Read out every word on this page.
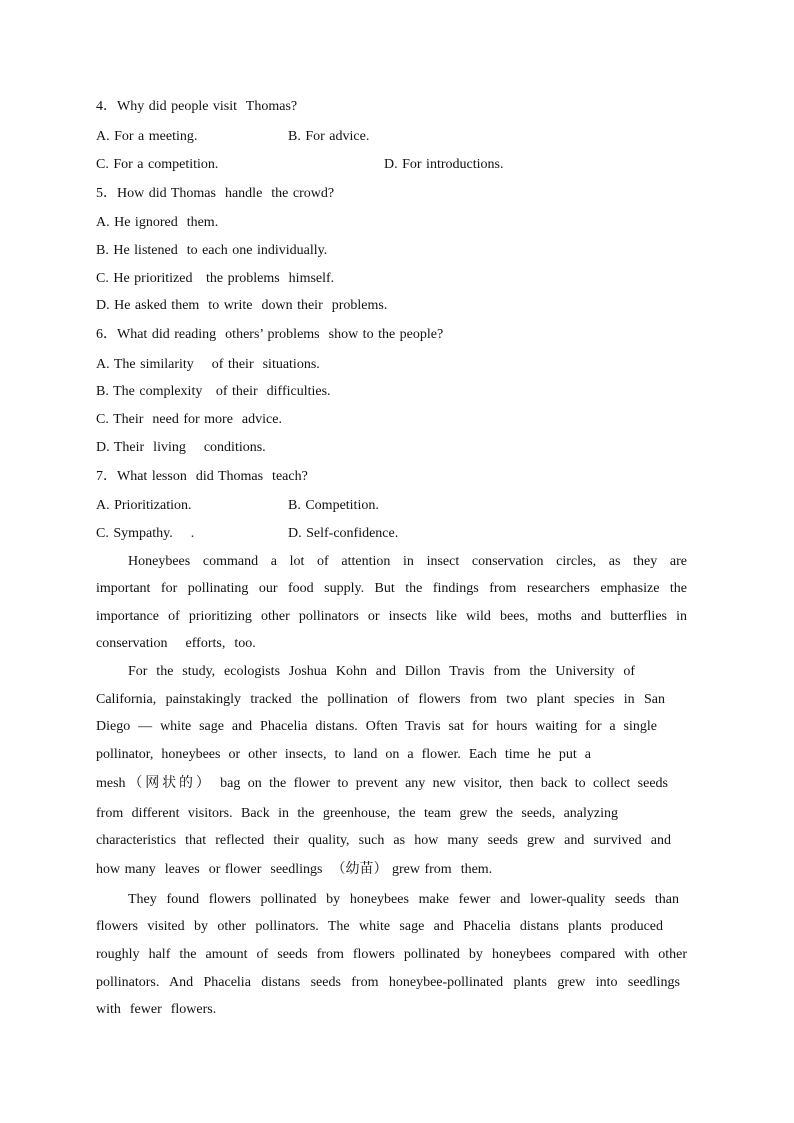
4．Why did people visit  Thomas?
A. For a meeting.	B. For advice.
C. For a competition.	D. For introductions.
5．How did Thomas  handle  the crowd?
A. He ignored  them.
B. He listened  to each one individually.
C. He prioritized   the problems  himself.
D. He asked them  to write  down their  problems.
6．What did reading  others’ problems  show to the people?
A. The similarity    of their  situations.
B. The complexity   of their  difficulties.
C. Their  need for more  advice.
D. Their  living    conditions.
7．What lesson  did Thomas  teach?
A. Prioritization.	B. Competition.
C. Sympathy.    .	D. Self-confidence.
Honeybees command a lot of attention in insect conservation circles, as they are
important for pollinating our food supply. But the findings from researchers emphasize the
importance of prioritizing other pollinators or insects like wild bees, moths and butterflies in
conservation    efforts,  too.
For the study, ecologists Joshua Kohn and Dillon Travis from the University of
California, painstakingly tracked the pollination of flowers from two plant species in San
Diego — white sage and Phacelia distans. Often Travis sat for hours waiting for a single
pollinator, honeybees or other insects, to land on a flower. Each time he put a
mesh（网状的） bag on the flower to prevent any new visitor, then back to collect seeds
from different visitors. Back in the greenhouse, the team grew the seeds, analyzing
characteristics that reflected their quality, such as how many seeds grew and survived and
how many  leaves  or flower  seedlings  （幼苗） grew from  them.
They found flowers pollinated by honeybees make fewer and lower-quality seeds than
flowers visited by other pollinators. The white sage and Phacelia distans plants produced
roughly half the amount of seeds from flowers pollinated by honeybees compared with other
pollinators. And Phacelia distans seeds from honeybee-pollinated plants grew into seedlings
with  fewer  flowers.
